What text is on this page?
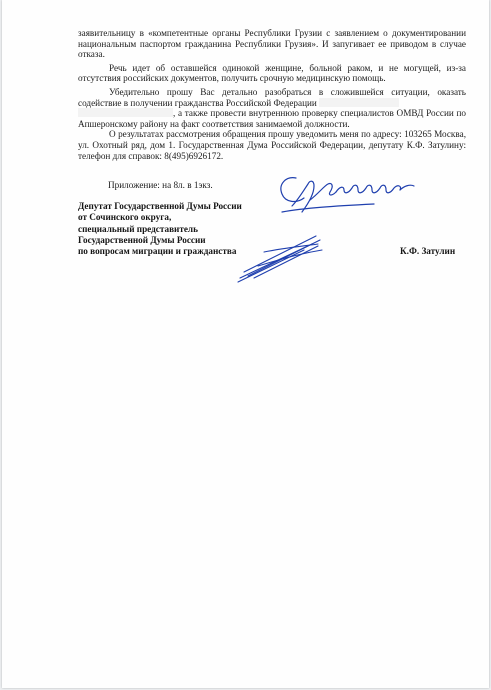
заявительницу в «компетентные органы Республики Грузии с заявлением о документировании национальным паспортом гражданина Республики Грузия». И запугивает ее приводом в случае отказа.

Речь идет об оставшейся одинокой женщине, больной раком, и не могущей, из-за отсутствия российских документов, получить срочную медицинскую помощь.

Убедительно прошу Вас детально разобраться в сложившейся ситуации, оказать содействие в получении гражданства Российской Федерации

, а также провести внутреннюю проверку специалистов ОМВД России по Апшеронскому району на факт соответствия занимаемой должности.

О результатах рассмотрения обращения прошу уведомить меня по адресу: 103265 Москва, ул. Охотный ряд, дом 1. Государственная Дума Российской Федерации, депутату К.Ф. Затулину: телефон для справок: 8(495)6926172.

Приложение: на 8л. в 1экз.
Депутат Государственной Думы России
от Сочинского округа,
специальный представитель
Государственной Думы России
по вопросам миграции и гражданства	К.Ф. Затулин
